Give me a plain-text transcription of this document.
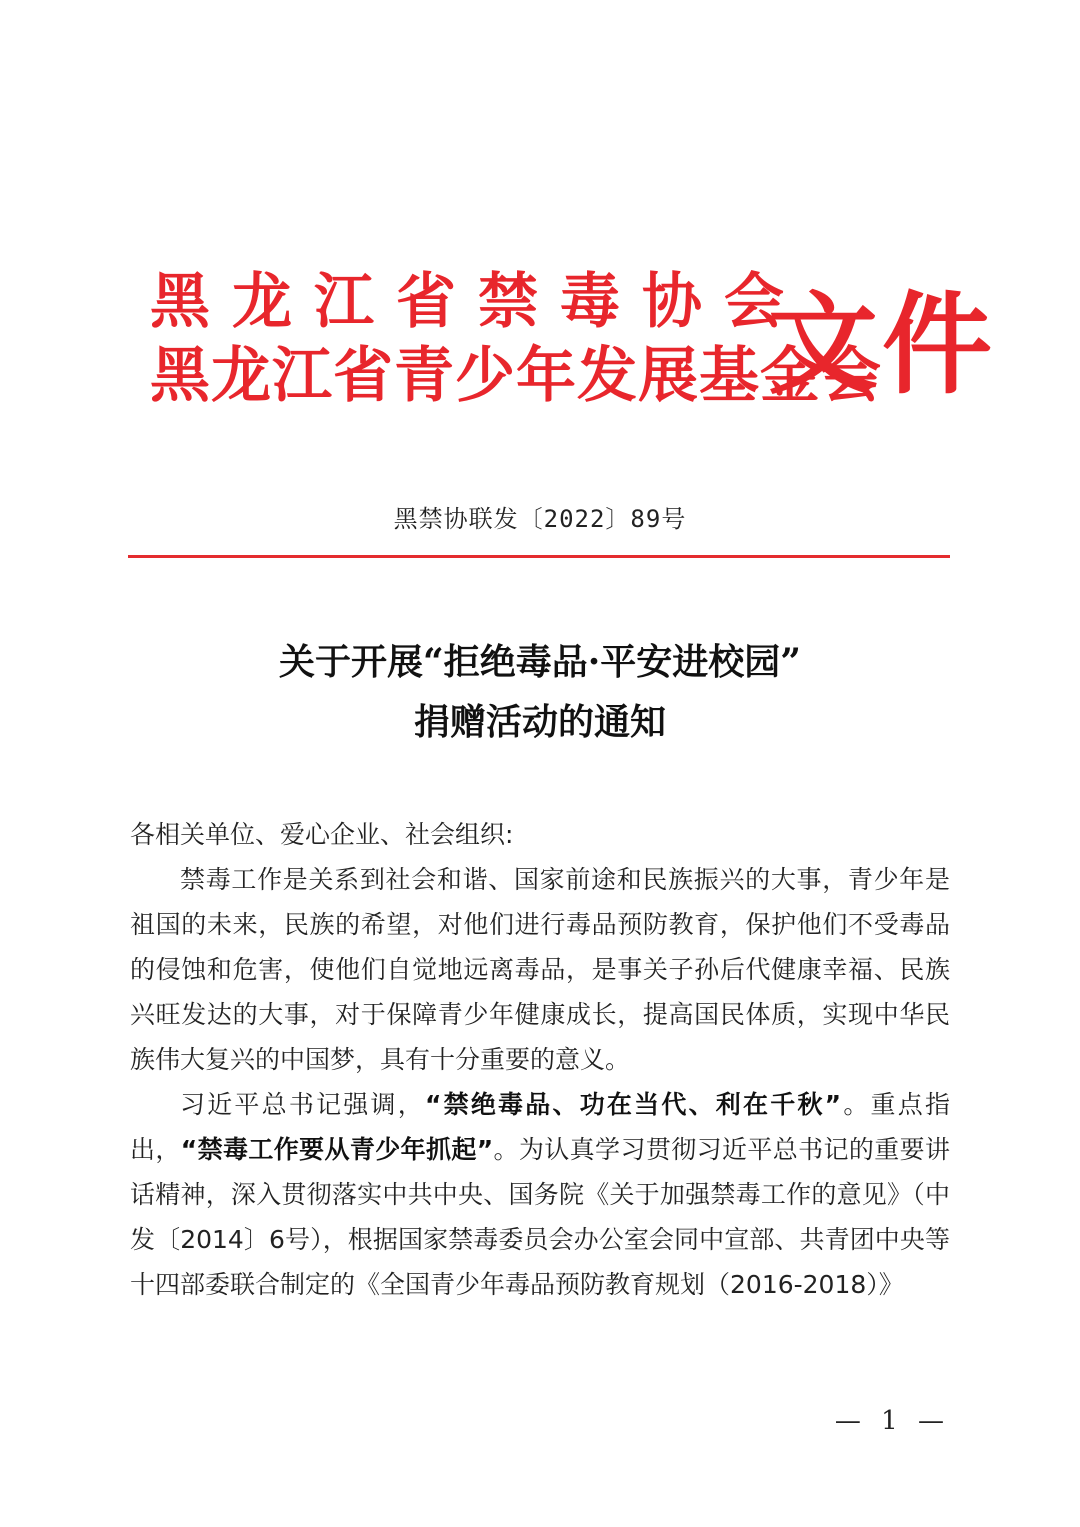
黑龙江省禁毒协会
黑龙江省青少年发展基金会
文件
黑禁协联发〔2022〕89号
关于开展“拒绝毒品·平安进校园”
捐赠活动的通知
各相关单位、爱心企业、社会组织:

禁毒工作是关系到社会和谐、国家前途和民族振兴的大事，青少年是祖国的未来，民族的希望，对他们进行毒品预防教育，保护他们不受毒品的侵蚀和危害，使他们自觉地远离毒品，是事关子孙后代健康幸福、民族兴旺发达的大事，对于保障青少年健康成长，提高国民体质，实现中华民族伟大复兴的中国梦，具有十分重要的意义。

习近平总书记强调，“禁绝毒品、功在当代、利在千秋”。重点指出，“禁毒工作要从青少年抓起”。为认真学习贯彻习近平总书记的重要讲话精神，深入贯彻落实中共中央、国务院《关于加强禁毒工作的意见》（中发〔2014〕6号），根据国家禁毒委员会办公室会同中宣部、共青团中央等十四部委联合制定的《全国青少年毒品预防教育规划（2016-2018）》

— 1 —
